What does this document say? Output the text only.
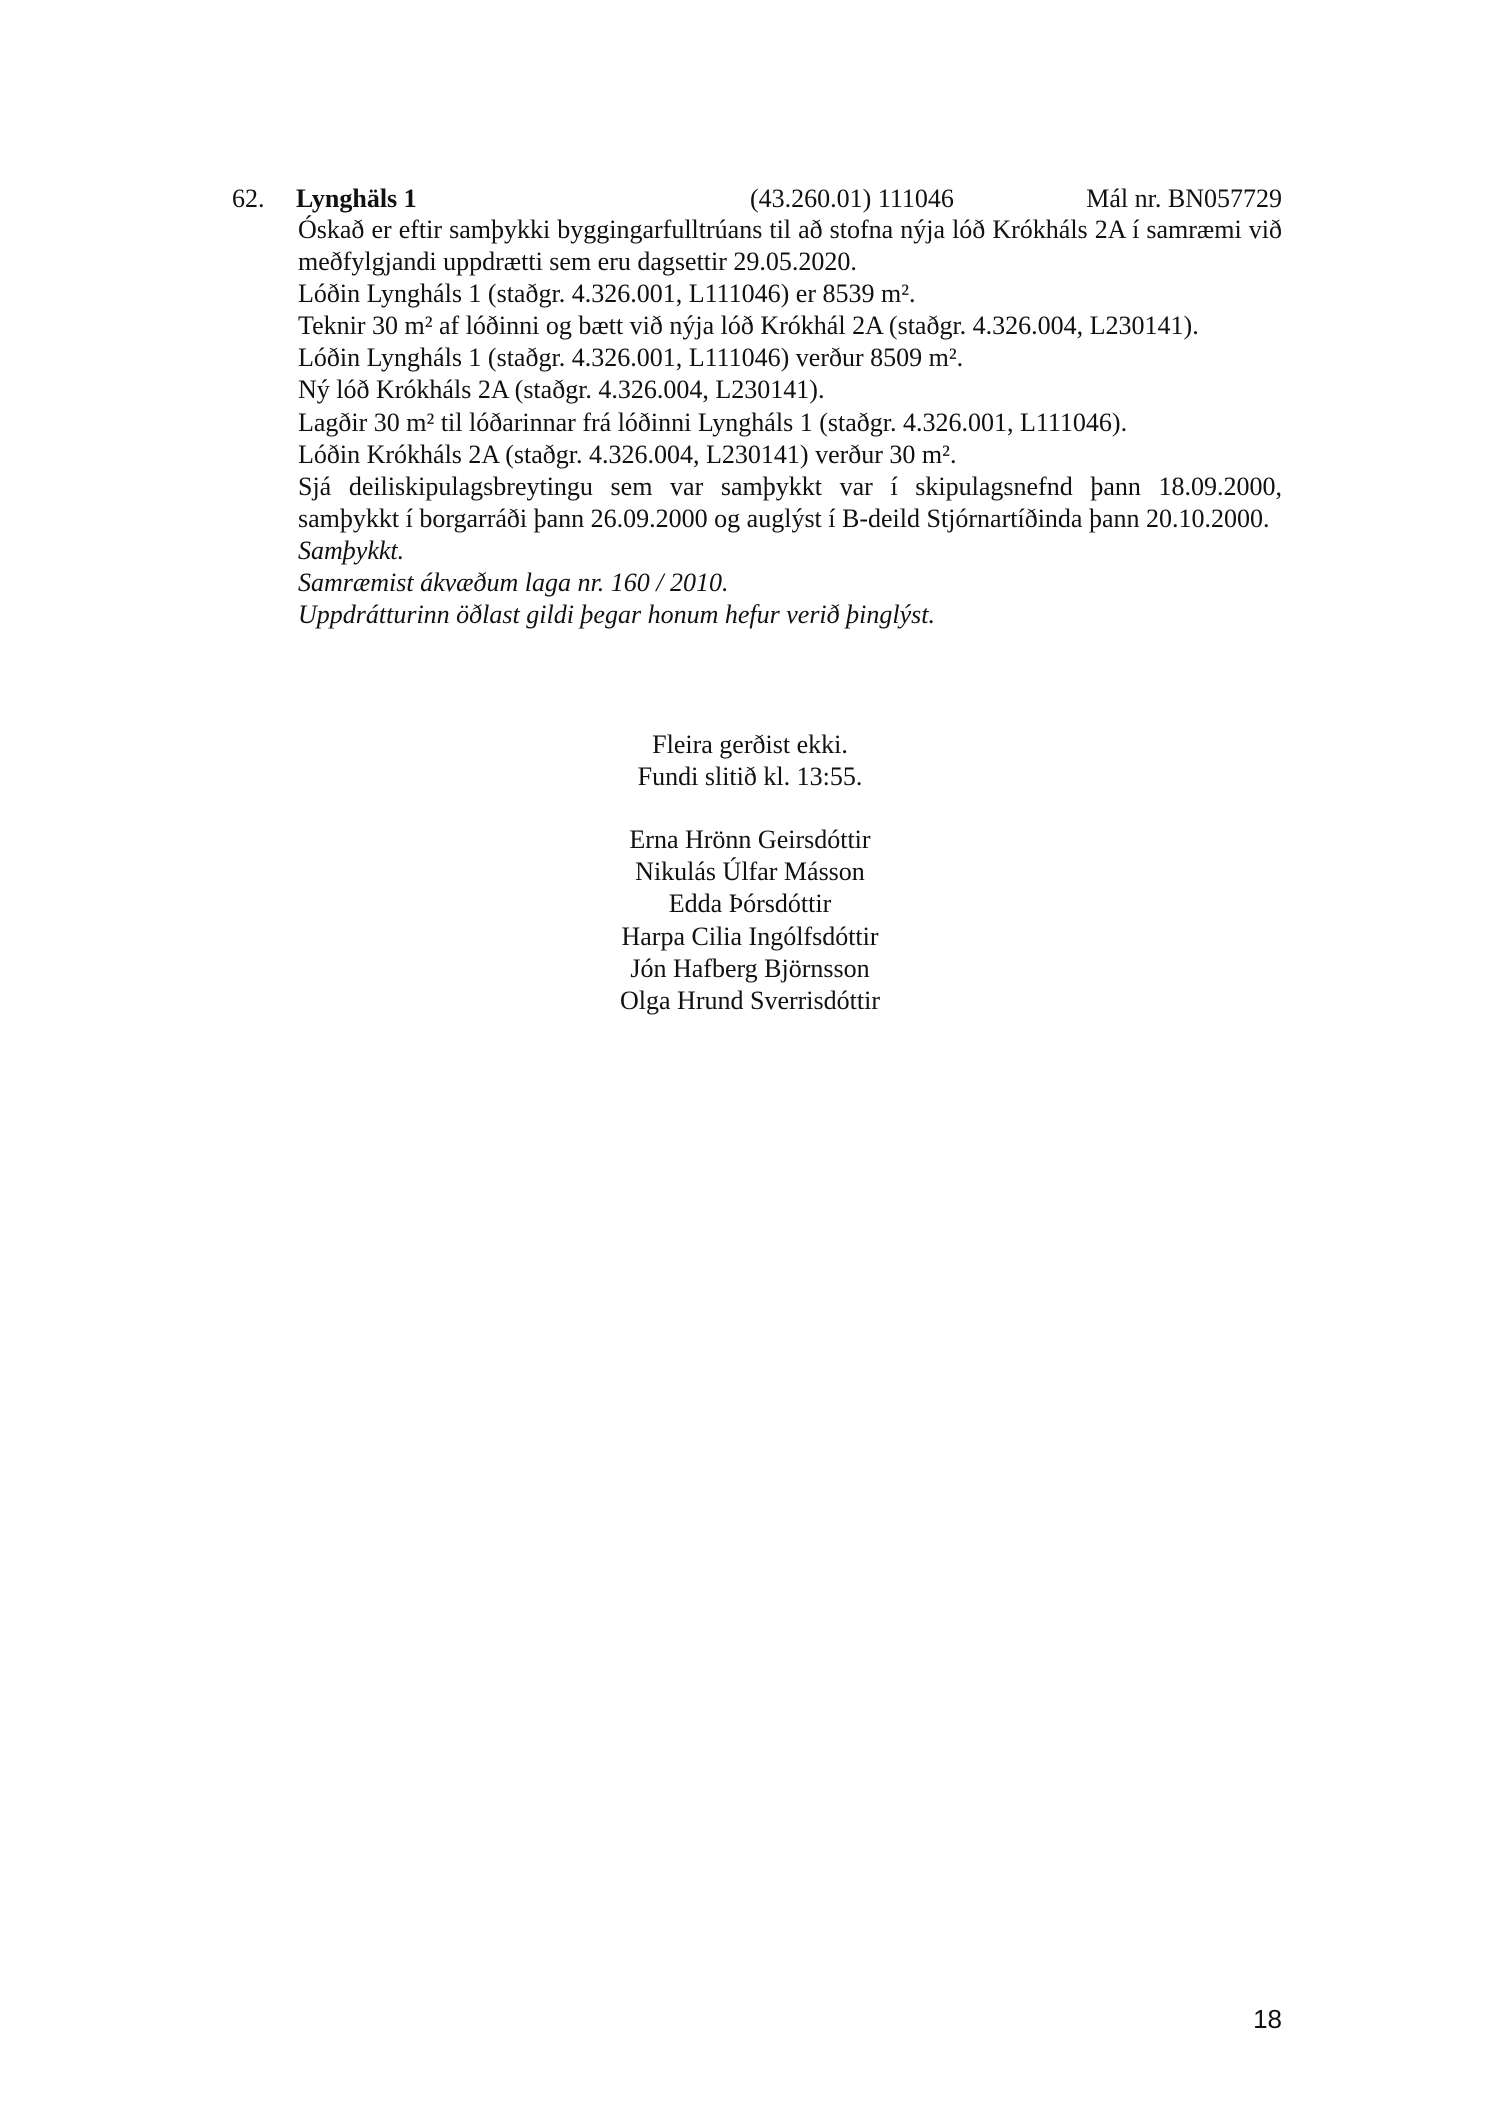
62. Lynghäls 1	(43.260.01) 111046	Mál nr. BN057729

Óskað er eftir samþykki byggingarfulltrúans til að stofna nýja lóð Krókháls 2A í samræmi við meðfylgjandi uppdrætti sem eru dagsettir 29.05.2020.

Lóðin Lyngháls 1 (staðgr. 4.326.001, L111046) er 8539 m².

Teknir 30 m² af lóðinni og bætt við nýja lóð Krókhál 2A (staðgr. 4.326.004, L230141).

Lóðin Lyngháls 1 (staðgr. 4.326.001, L111046) verður 8509 m².

Ný lóð Krókháls 2A (staðgr. 4.326.004, L230141).

Lagðir 30 m² til lóðarinnar frá lóðinni Lyngháls 1 (staðgr. 4.326.001, L111046).

Lóðin Krókháls 2A (staðgr. 4.326.004, L230141) verður 30 m².

Sjá deiliskipulagsbreytingu sem var samþykkt var í skipulagsnefnd þann 18.09.2000, samþykkt í borgarráði þann 26.09.2000 og auglýst í B-deild Stjórnartíðinda þann 20.10.2000.

Samþykkt.

Samræmist ákvæðum laga nr. 160 / 2010.

Uppdrátturinn öðlast gildi þegar honum hefur verið þinglýst.

Fleira gerðist ekki.
Fundi slitið kl. 13:55.
Erna Hrönn Geirsdóttir
Nikulás Úlfar Másson
Edda Þórsdóttir
Harpa Cilia Ingólfsdóttir
Jón Hafberg Björnsson
Olga Hrund Sverrisdóttir
18
